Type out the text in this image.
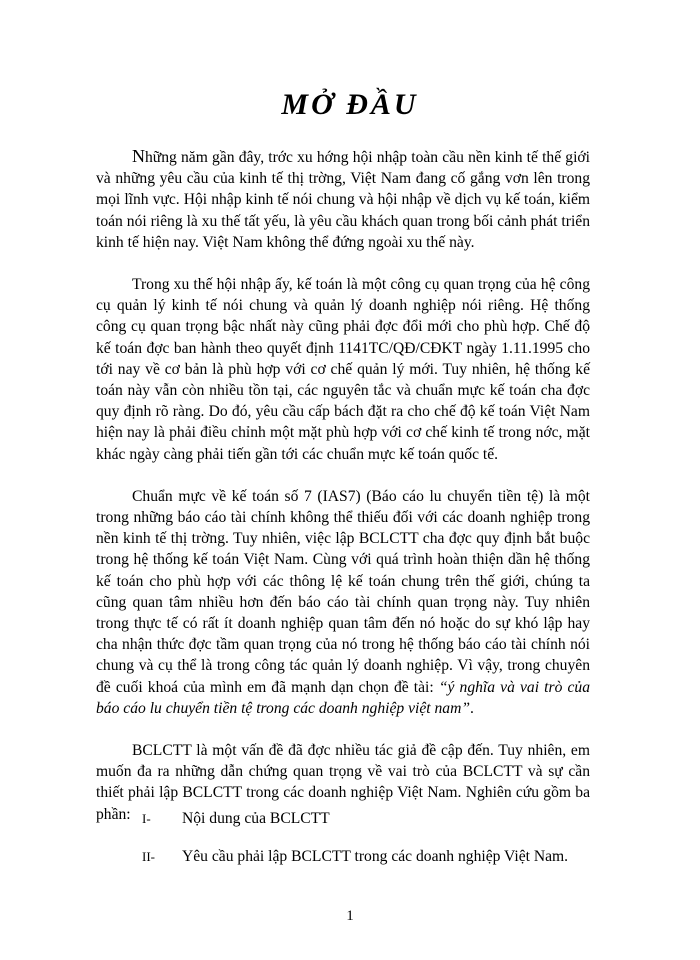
MỞ ĐẦU

Những năm gần đây, trớc xu hớng hội nhập toàn cầu nền kinh tế thế giới và những yêu cầu của kinh tế thị trờng, Việt Nam đang cố gắng vơn lên trong mọi lĩnh vực. Hội nhập kinh tế nói chung và hội nhập về dịch vụ kế toán, kiểm toán nói riêng là xu thế tất yếu, là yêu cầu khách quan trong bối cảnh phát triển kinh tế hiện nay. Việt Nam không thể đứng ngoài xu thế này.

Trong xu thế hội nhập ấy, kế toán là một công cụ quan trọng của hệ công cụ quản lý kinh tế nói chung và quản lý doanh nghiệp nói riêng. Hệ thống công cụ quan trọng bậc nhất này cũng phải đợc đổi mới cho phù hợp. Chế độ kế toán đợc ban hành theo quyết định 1141TC/QĐ/CĐKT ngày 1.11.1995 cho tới nay về cơ bản là phù hợp với cơ chế quản lý mới. Tuy nhiên, hệ thống kế toán này vẫn còn nhiều tồn tại, các nguyên tắc và chuẩn mực kế toán cha đợc quy định rõ ràng. Do đó, yêu cầu cấp bách đặt ra cho chế độ kế toán Việt Nam hiện nay là phải điều chỉnh một mặt phù hợp với cơ chế kinh tế trong nớc, mặt khác ngày càng phải tiến gần tới các chuẩn mực kế toán quốc tế.

Chuẩn mực về kế toán số 7 (IAS7) (Báo cáo lu chuyển tiền tệ) là một trong những báo cáo tài chính không thể thiếu đối với các doanh nghiệp trong nền kinh tế thị trờng. Tuy nhiên, việc lập BCLCTT cha đợc quy định bắt buộc trong hệ thống kế toán Việt Nam. Cùng với quá trình hoàn thiện dần hệ thống kế toán cho phù hợp với các thông lệ kế toán chung trên thế giới, chúng ta cũng quan tâm nhiều hơn đến báo cáo tài chính quan trọng này. Tuy nhiên trong thực tế có rất ít doanh nghiệp quan tâm đến nó hoặc do sự khó lập hay cha nhận thức đợc tầm quan trọng của nó trong hệ thống báo cáo tài chính nói chung và cụ thể là trong công tác quản lý doanh nghiệp. Vì vậy, trong chuyên đề cuối khoá của mình em đã mạnh dạn chọn đề tài: “ý nghĩa và vai trò của báo cáo lu chuyển tiền tệ trong các doanh nghiệp việt nam”.

BCLCTT là một vấn đề đã đợc nhiều tác giả đề cập đến. Tuy nhiên, em muốn đa ra những dẫn chứng quan trọng về vai trò của BCLCTT và sự cần thiết phải lập BCLCTT trong các doanh nghiệp Việt Nam. Nghiên cứu gồm ba phần: I- Nội dung của BCLCTT
II- Yêu cầu phải lập BCLCTT trong các doanh nghiệp Việt Nam.
1
